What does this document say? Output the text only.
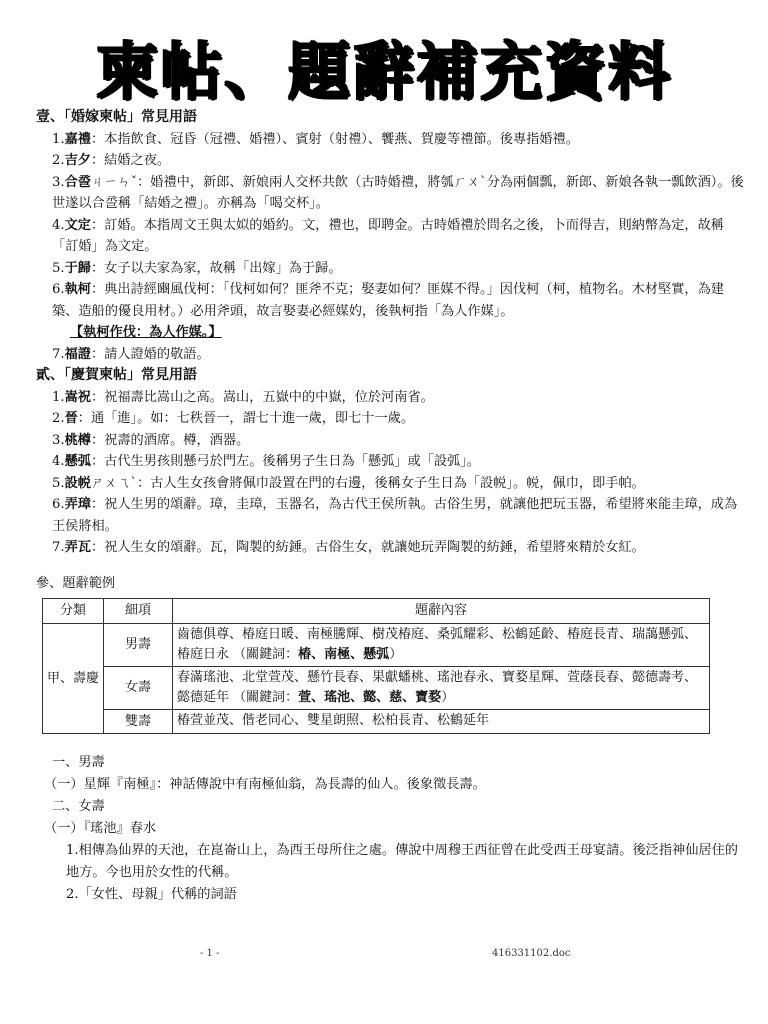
柬帖、題辭補充資料
壹、「婚嫁柬帖」常見用語
1.嘉禮：本指飲食、冠昏（冠禮、婚禮）、賓射（射禮）、饗燕、賀慶等禮節。後專指婚禮。
2.吉夕：結婚之夜。
3.合巹ㄐㄧㄣˇ：婚禮中，新郎、新娘兩人交杯共飲（古時婚禮，將瓠ㄏㄨˋ分為兩個瓢，新郎、新娘各執一瓢飲酒）。後世遂以合巹稱「結婚之禮」。亦稱為「喝交杯」。
4.文定：訂婚。本指周文王與太姒的婚約。文，禮也，即聘金。古時婚禮於問名之後，卜而得吉，則納幣為定，故稱「訂婚」為文定。
5.于歸：女子以夫家為家，故稱「出嫁」為于歸。
6.執柯：典出詩經豳風伐柯：「伐柯如何？匪斧不克；娶妻如何？匪媒不得。」因伐柯（柯，植物名。木材堅實，為建築、造船的優良用材。）必用斧頭，故言娶妻必經媒妁，後執柯指「為人作媒」。
【執柯作伐：為人作媒。】
7.福證：請人證婚的敬語。
貳、「慶賀柬帖」常見用語
1.嵩祝：祝福壽比嵩山之高。嵩山，五嶽中的中嶽，位於河南省。
2.晉：通「進」。如：七秩晉一，謂七十進一歲，即七十一歲。
3.桃樽：祝壽的酒席。樽，酒器。
4.懸弧：古代生男孩則懸弓於門左。後稱男子生日為「懸弧」或「設弧」。
5.設帨ㄕㄨㄟˋ：古人生女孩會將佩巾設置在門的右邊，後稱女子生日為「設帨」。帨，佩巾，即手帕。
6.弄璋：祝人生男的頌辭。璋，圭璋，玉器名，為古代王侯所執。古俗生男，就讓他把玩玉器，希望將來能圭璋，成為王侯將相。
7.弄瓦：祝人生女的頌辭。瓦，陶製的紡錘。古俗生女，就讓她玩弄陶製的紡錘，希望將來精於女紅。
參、題辭範例
分類	細項	題辭內容
甲、壽慶	男壽	齒德俱尊、椿庭日暖、南極騰輝、樹茂椿庭、桑弧耀彩、松鶴延齡、椿庭長青、瑞藹懸弧、椿庭日永 （關鍵詞：椿、南極、懸弧）
	女壽	春滿瑤池、北堂萱茂、懸竹長春、果獻蟠桃、瑤池春永、寶婺星輝、萱蔭長春、懿德壽考、懿德延年 （關鍵詞：萱、瑤池、懿、慈、寶婺）
	雙壽	椿萱並茂、偕老同心、雙星朗照、松柏長青、松鶴延年
一、男壽
（一）星輝『南極』：神話傳說中有南極仙翁，為長壽的仙人。後象徵長壽。
二、女壽
（一）『瑤池』春水
1.相傳為仙界的天池，在崑崙山上，為西王母所住之處。傳說中周穆王西征曾在此受西王母宴請。後泛指神仙居住的地方。今也用於女性的代稱。
2.「女性、母親」代稱的詞語
- 1 -	416331102.doc
